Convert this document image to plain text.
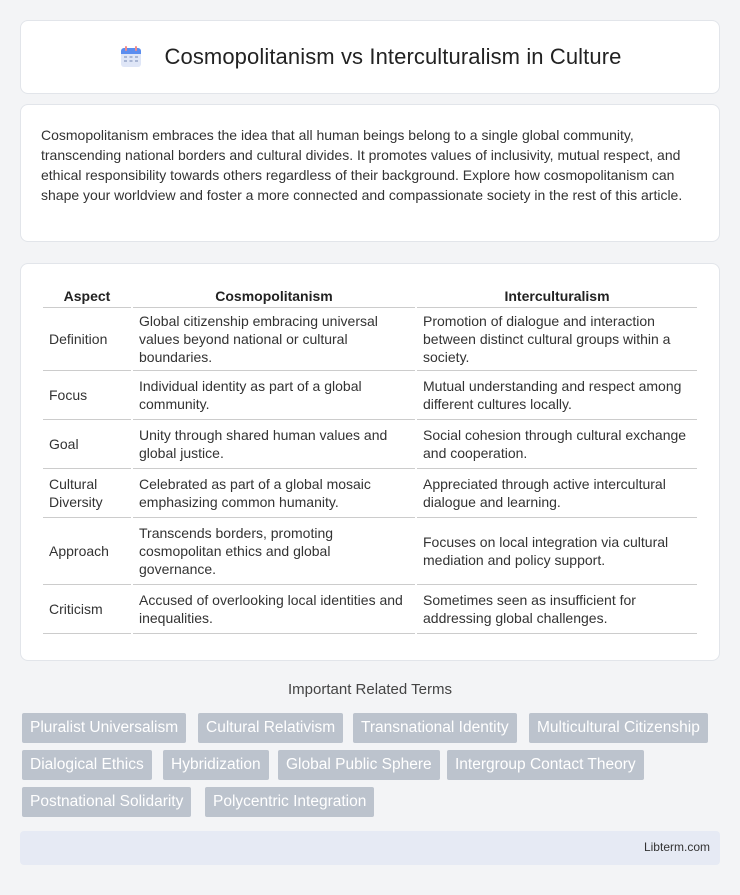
Cosmopolitanism vs Interculturalism in Culture

Cosmopolitanism embraces the idea that all human beings belong to a single global community, transcending national borders and cultural divides. It promotes values of inclusivity, mutual respect, and ethical responsibility towards others regardless of their background. Explore how cosmopolitanism can shape your worldview and foster a more connected and compassionate society in the rest of this article.

Aspect	Cosmopolitanism	Interculturalism
Definition	Global citizenship embracing universal values beyond national or cultural boundaries.	Promotion of dialogue and interaction between distinct cultural groups within a society.
Focus	Individual identity as part of a global community.	Mutual understanding and respect among different cultures locally.
Goal	Unity through shared human values and global justice.	Social cohesion through cultural exchange and cooperation.
Cultural Diversity	Celebrated as part of a global mosaic emphasizing common humanity.	Appreciated through active intercultural dialogue and learning.
Approach	Transcends borders, promoting cosmopolitan ethics and global governance.	Focuses on local integration via cultural mediation and policy support.
Criticism	Accused of overlooking local identities and inequalities.	Sometimes seen as insufficient for addressing global challenges.
Important Related Terms
Pluralist Universalism	Cultural Relativism	Transnational Identity	Multicultural Citizenship
Dialogical Ethics	Hybridization	Global Public Sphere	Intergroup Contact Theory
Postnational Solidarity	Polycentric Integration
Libterm.com
